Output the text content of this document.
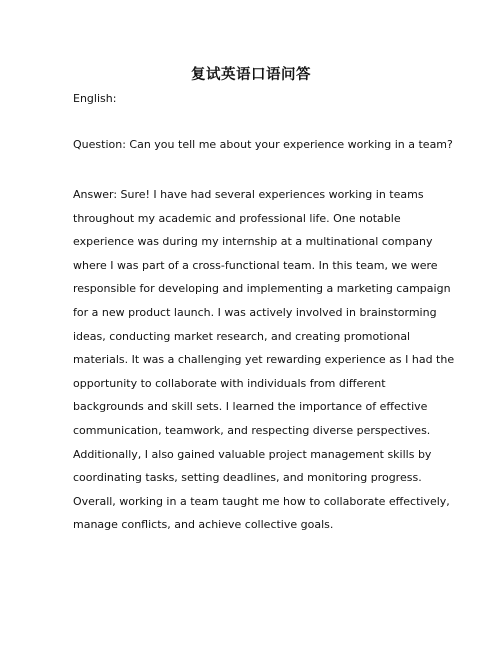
复试英语口语问答
English:
Question: Can you tell me about your experience working in a team?
Answer: Sure! I have had several experiences working in teams
throughout my academic and professional life. One notable
experience was during my internship at a multinational company
where I was part of a cross-functional team. In this team, we were
responsible for developing and implementing a marketing campaign
for a new product launch. I was actively involved in brainstorming
ideas, conducting market research, and creating promotional
materials. It was a challenging yet rewarding experience as I had the
opportunity to collaborate with individuals from different
backgrounds and skill sets. I learned the importance of effective
communication, teamwork, and respecting diverse perspectives.
Additionally, I also gained valuable project management skills by
coordinating tasks, setting deadlines, and monitoring progress.
Overall, working in a team taught me how to collaborate effectively,
manage conflicts, and achieve collective goals.
